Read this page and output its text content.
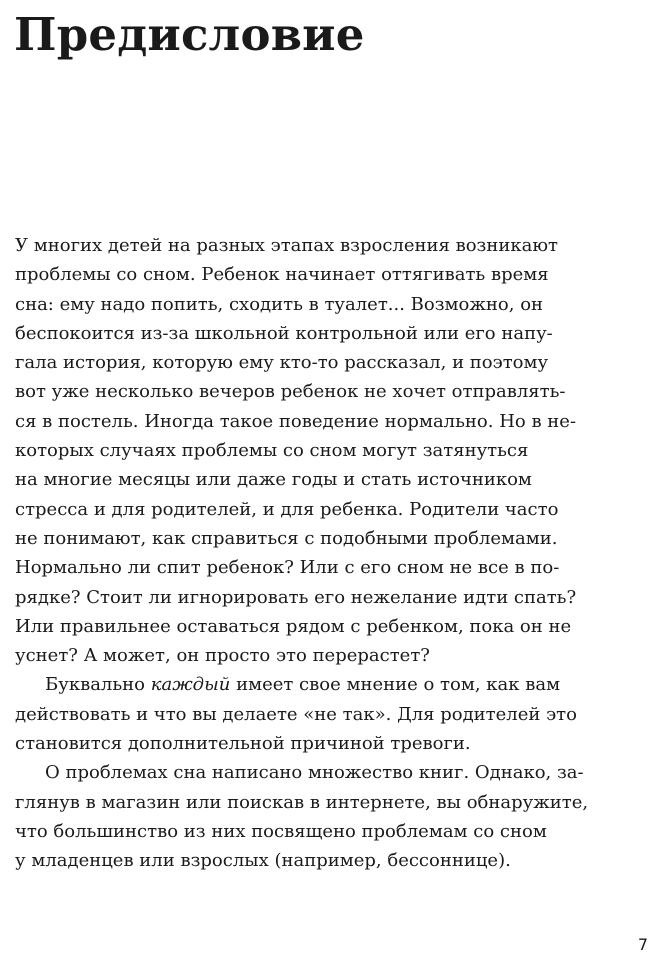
Предисловие
У многих детей на разных этапах взросления возникают
проблемы со сном. Ребенок начинает оттягивать время
сна: ему надо попить, сходить в туалет... Возможно, он
беспокоится из-за школьной контрольной или его напу-
гала история, которую ему кто-то рассказал, и поэтому
вот уже несколько вечеров ребенок не хочет отправлять-
ся в постель. Иногда такое поведение нормально. Но в не-
которых случаях проблемы со сном могут затянуться
на многие месяцы или даже годы и стать источником
стресса и для родителей, и для ребенка. Родители часто
не понимают, как справиться с подобными проблемами.
Нормально ли спит ребенок? Или с его сном не все в по-
рядке? Стоит ли игнорировать его нежелание идти спать?
Или правильнее оставаться рядом с ребенком, пока он не
уснет? А может, он просто это перерастет?
Буквально каждый имеет свое мнение о том, как вам
действовать и что вы делаете «не так». Для родителей это
становится дополнительной причиной тревоги.
О проблемах сна написано множество книг. Однако, за-
глянув в магазин или поискав в интернете, вы обнаружите,
что большинство из них посвящено проблемам со сном
у младенцев или взрослых (например, бессоннице).
7
